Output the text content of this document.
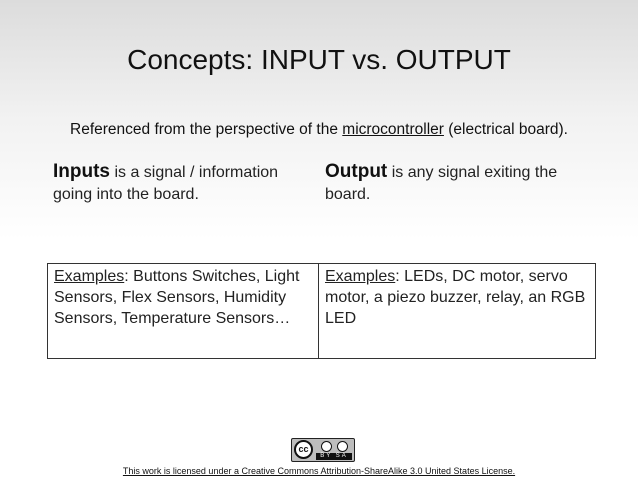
Concepts: INPUT vs. OUTPUT
Referenced from the perspective of the microcontroller (electrical board).
Inputs is a signal / information going into the board.
Output is any signal exiting the board.
Examples: Buttons Switches, Light Sensors, Flex Sensors, Humidity Sensors, Temperature Sensors…
Examples: LEDs, DC motor, servo motor, a piezo buzzer, relay, an RGB LED
cc
BY SA
This work is licensed under a Creative Commons Attribution-ShareAlike 3.0 United States License.
